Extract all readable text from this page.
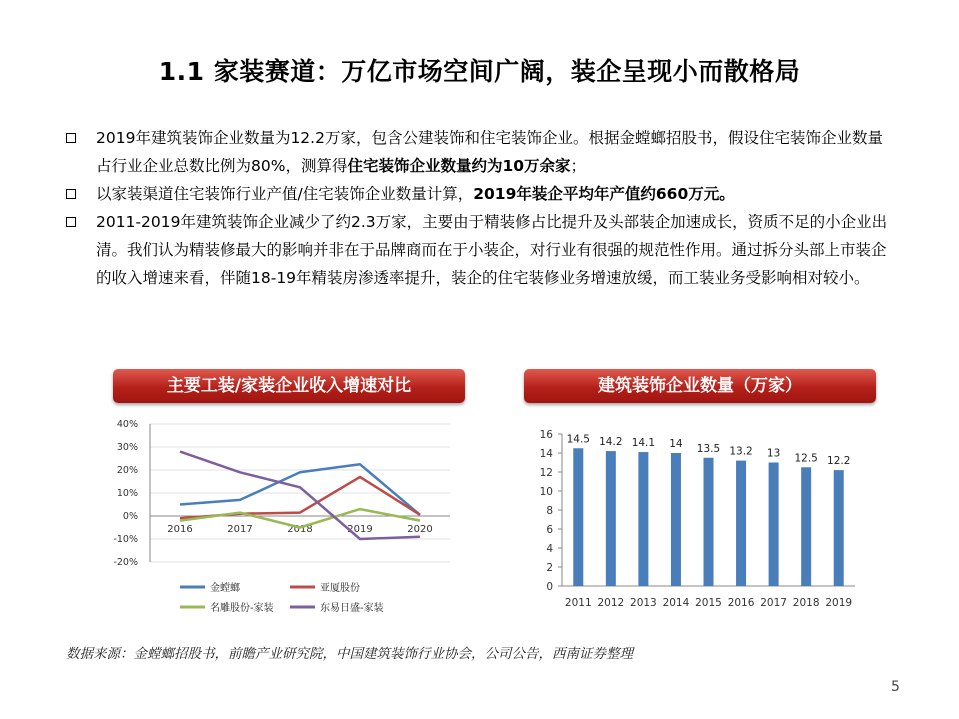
1.1 家装赛道：万亿市场空间广阔，装企呈现小而散格局
2019年建筑装饰企业数量为12.2万家，包含公建装饰和住宅装饰企业。根据金螳螂招股书，假设住宅装饰企业数量占行业企业总数比例为80%，测算得住宅装饰企业数量约为10万余家；
以家装渠道住宅装饰行业产值/住宅装饰企业数量计算，2019年装企平均年产值约660万元。
2011-2019年建筑装饰企业减少了约2.3万家，主要由于精装修占比提升及头部装企加速成长，资质不足的小企业出清。我们认为精装修最大的影响并非在于品牌商而在于小装企，对行业有很强的规范性作用。通过拆分头部上市装企的收入增速来看，伴随18-19年精装房渗透率提升，装企的住宅装修业务增速放缓，而工装业务受影响相对较小。
主要工装/家装企业收入增速对比	建筑装饰企业数量（万家）
40%
30%
20%
10%
0%
-10%
-20%
2016	2017	2018	2019	2020
金螳螂	亚厦股份
名雕股份-家装	东易日盛-家装
0
2
4
6
8
10
12
14
16 14.5
2011
14.2
2012
14.1
2013
14
2014
13.5
2015
13.2
2016
13
2017
12.5
2018
12.2
2019
数据来源：金螳螂招股书，前瞻产业研究院，中国建筑装饰行业协会，公司公告，西南证券整理
5
